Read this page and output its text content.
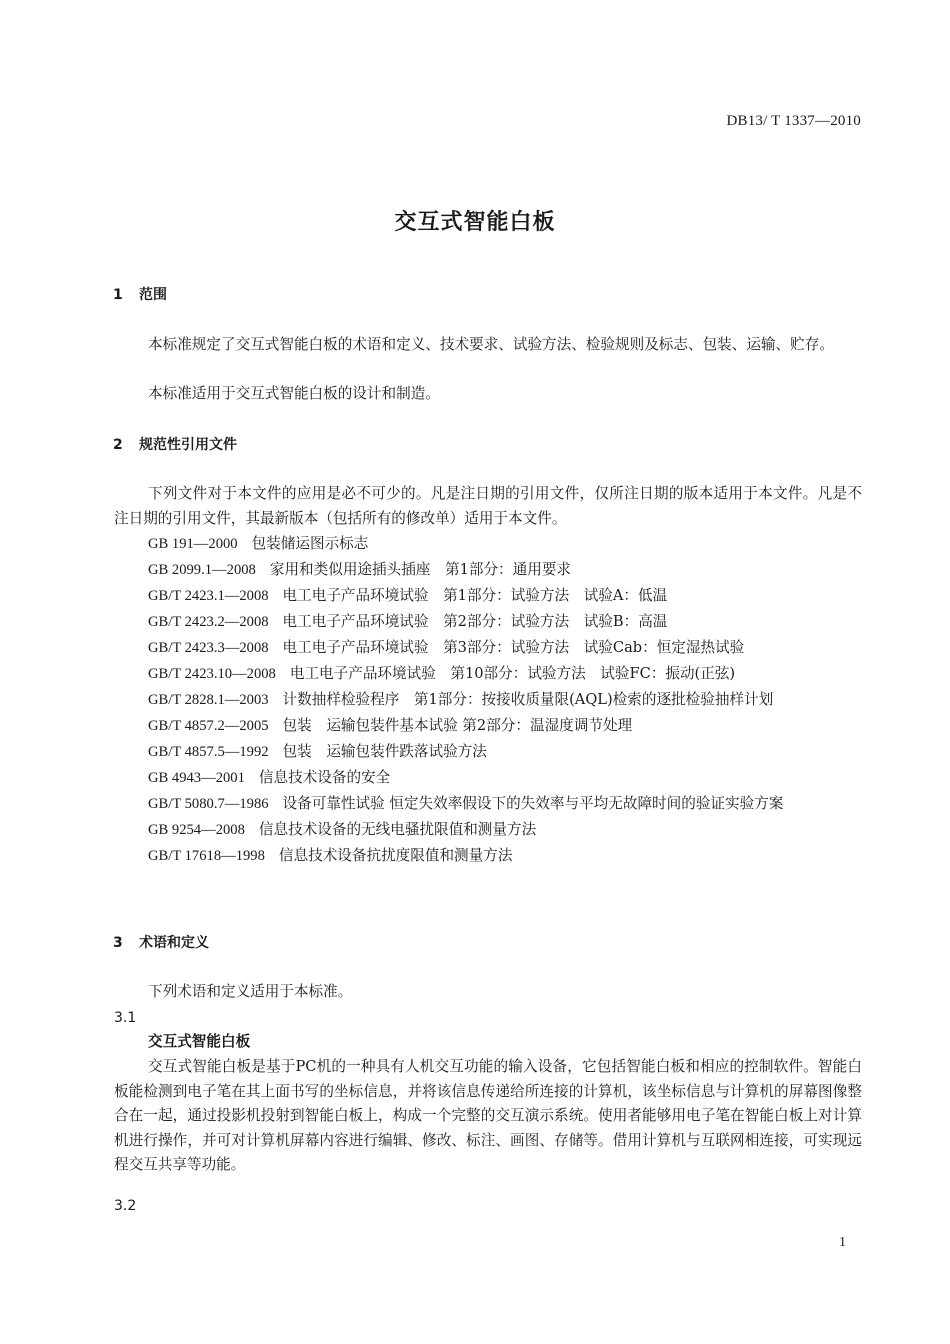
DB13/ T 1337—2010
交互式智能白板
1 范围

本标准规定了交互式智能白板的术语和定义、技术要求、试验方法、检验规则及标志、包装、运输、贮存。

本标准适用于交互式智能白板的设计和制造。

2 规范性引用文件

下列文件对于本文件的应用是必不可少的。凡是注日期的引用文件，仅所注日期的版本适用于本文件。凡是不注日期的引用文件，其最新版本（包括所有的修改单）适用于本文件。

GB 191—2000 包装储运图示标志
GB 2099.1—2008 家用和类似用途插头插座　第1部分：通用要求
GB/T 2423.1—2008 电工电子产品环境试验　第1部分：试验方法　试验A：低温
GB/T 2423.2—2008 电工电子产品环境试验　第2部分：试验方法　试验B：高温
GB/T 2423.3—2008 电工电子产品环境试验　第3部分：试验方法　试验Cab：恒定湿热试验
GB/T 2423.10—2008 电工电子产品环境试验　第10部分：试验方法　试验FC：振动(正弦)
GB/T 2828.1—2003 计数抽样检验程序　第1部分：按接收质量限(AQL)检索的逐批检验抽样计划
GB/T 4857.2—2005 包装　运输包装件基本试验 第2部分：温湿度调节处理
GB/T 4857.5—1992 包装　运输包装件跌落试验方法
GB 4943—2001 信息技术设备的安全
GB/T 5080.7—1986 设备可靠性试验 恒定失效率假设下的失效率与平均无故障时间的验证实验方案
GB 9254—2008 信息技术设备的无线电骚扰限值和测量方法
GB/T 17618—1998 信息技术设备抗扰度限值和测量方法
3 术语和定义

下列术语和定义适用于本标准。

3.1
交互式智能白板

交互式智能白板是基于PC机的一种具有人机交互功能的输入设备，它包括智能白板和相应的控制软件。智能白板能检测到电子笔在其上面书写的坐标信息，并将该信息传递给所连接的计算机，该坐标信息与计算机的屏幕图像整合在一起，通过投影机投射到智能白板上，构成一个完整的交互演示系统。使用者能够用电子笔在智能白板上对计算机进行操作，并可对计算机屏幕内容进行编辑、修改、标注、画图、存储等。借用计算机与互联网相连接，可实现远程交互共享等功能。

3.2
1
